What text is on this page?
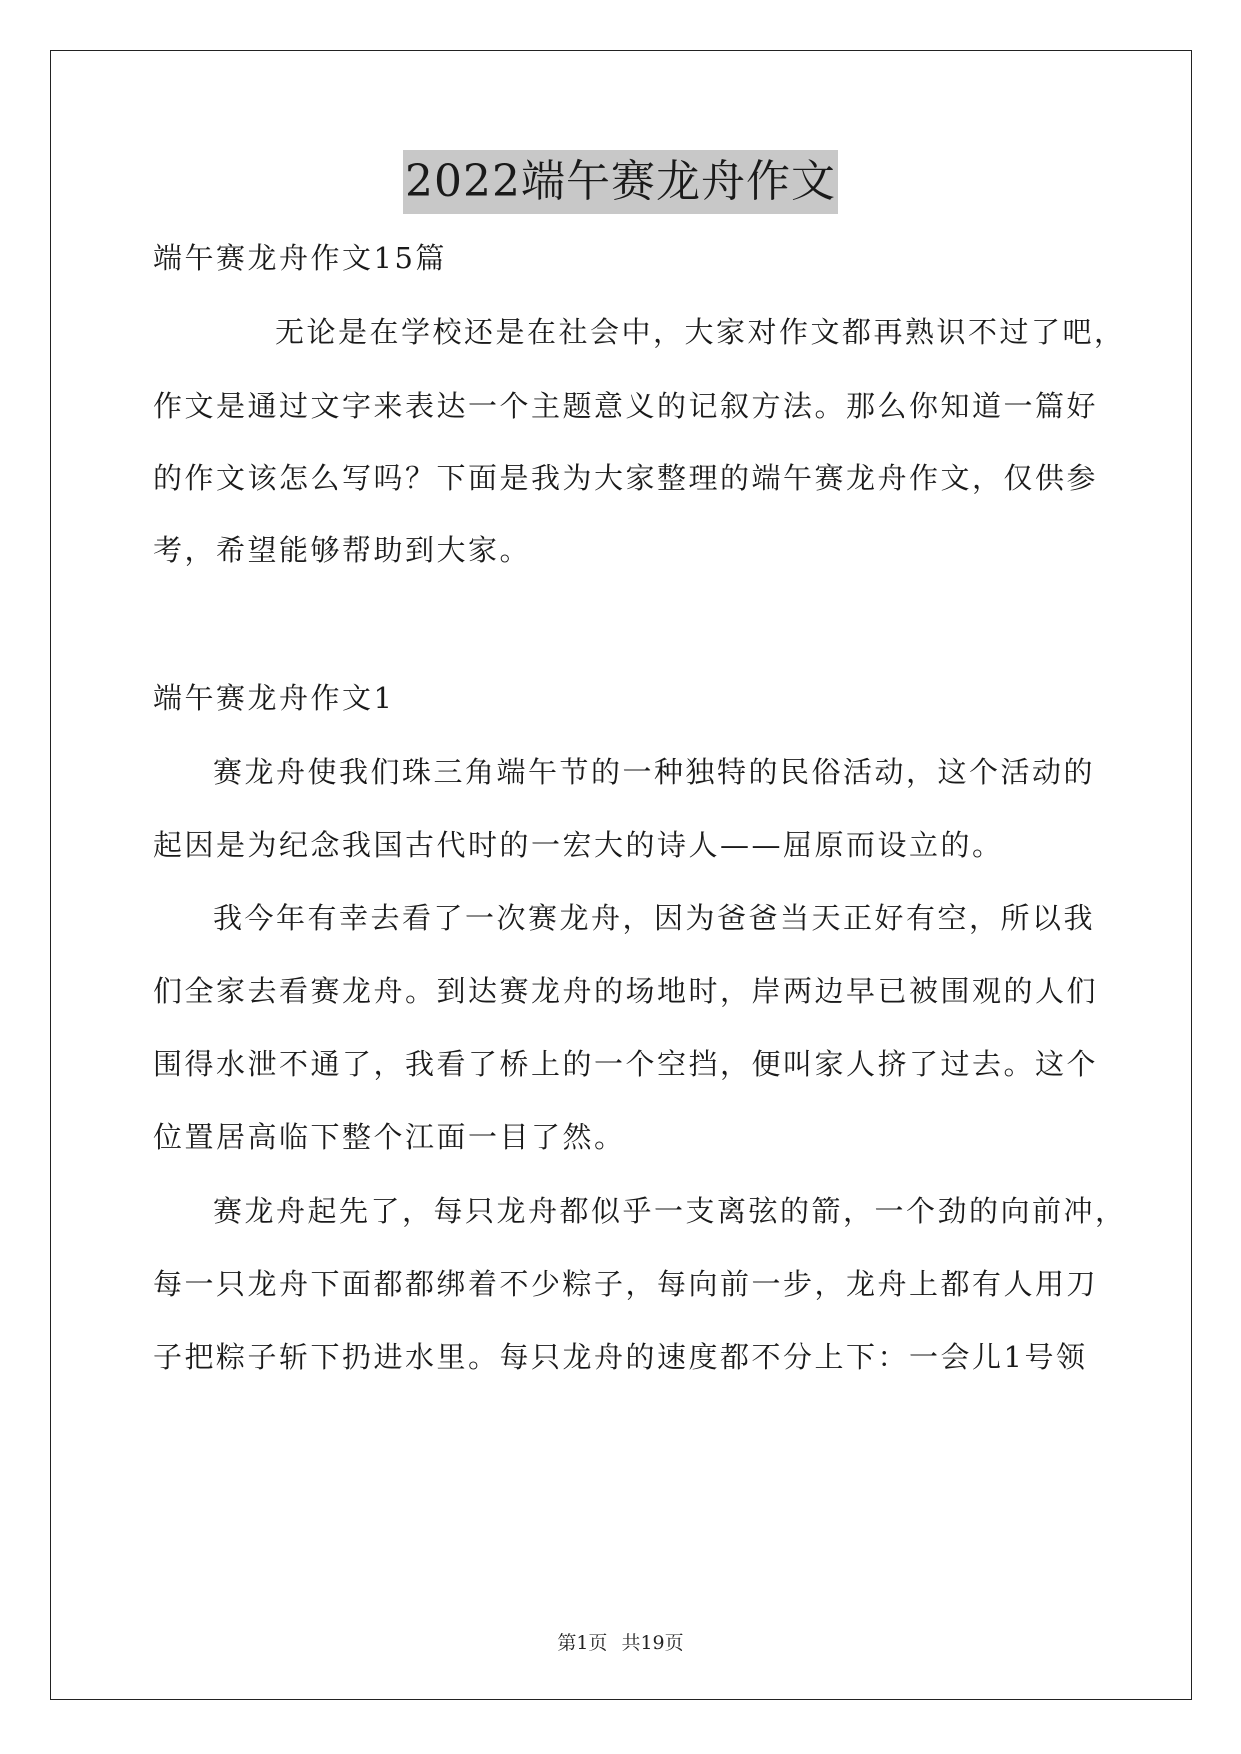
2022端午赛龙舟作文
端午赛龙舟作文15篇
无论是在学校还是在社会中，大家对作文都再熟识不过了吧，
作文是通过文字来表达一个主题意义的记叙方法。那么你知道一篇好
的作文该怎么写吗？下面是我为大家整理的端午赛龙舟作文，仅供参
考，希望能够帮助到大家。
端午赛龙舟作文1
赛龙舟使我们珠三角端午节的一种独特的民俗活动，这个活动的
起因是为纪念我国古代时的一宏大的诗人——屈原而设立的。
我今年有幸去看了一次赛龙舟，因为爸爸当天正好有空，所以我
们全家去看赛龙舟。到达赛龙舟的场地时，岸两边早已被围观的人们
围得水泄不通了，我看了桥上的一个空挡，便叫家人挤了过去。这个
位置居高临下整个江面一目了然。
赛龙舟起先了，每只龙舟都似乎一支离弦的箭，一个劲的向前冲，
每一只龙舟下面都都绑着不少粽子，每向前一步，龙舟上都有人用刀
子把粽子斩下扔进水里。每只龙舟的速度都不分上下：一会儿1号领
第1页 共19页
